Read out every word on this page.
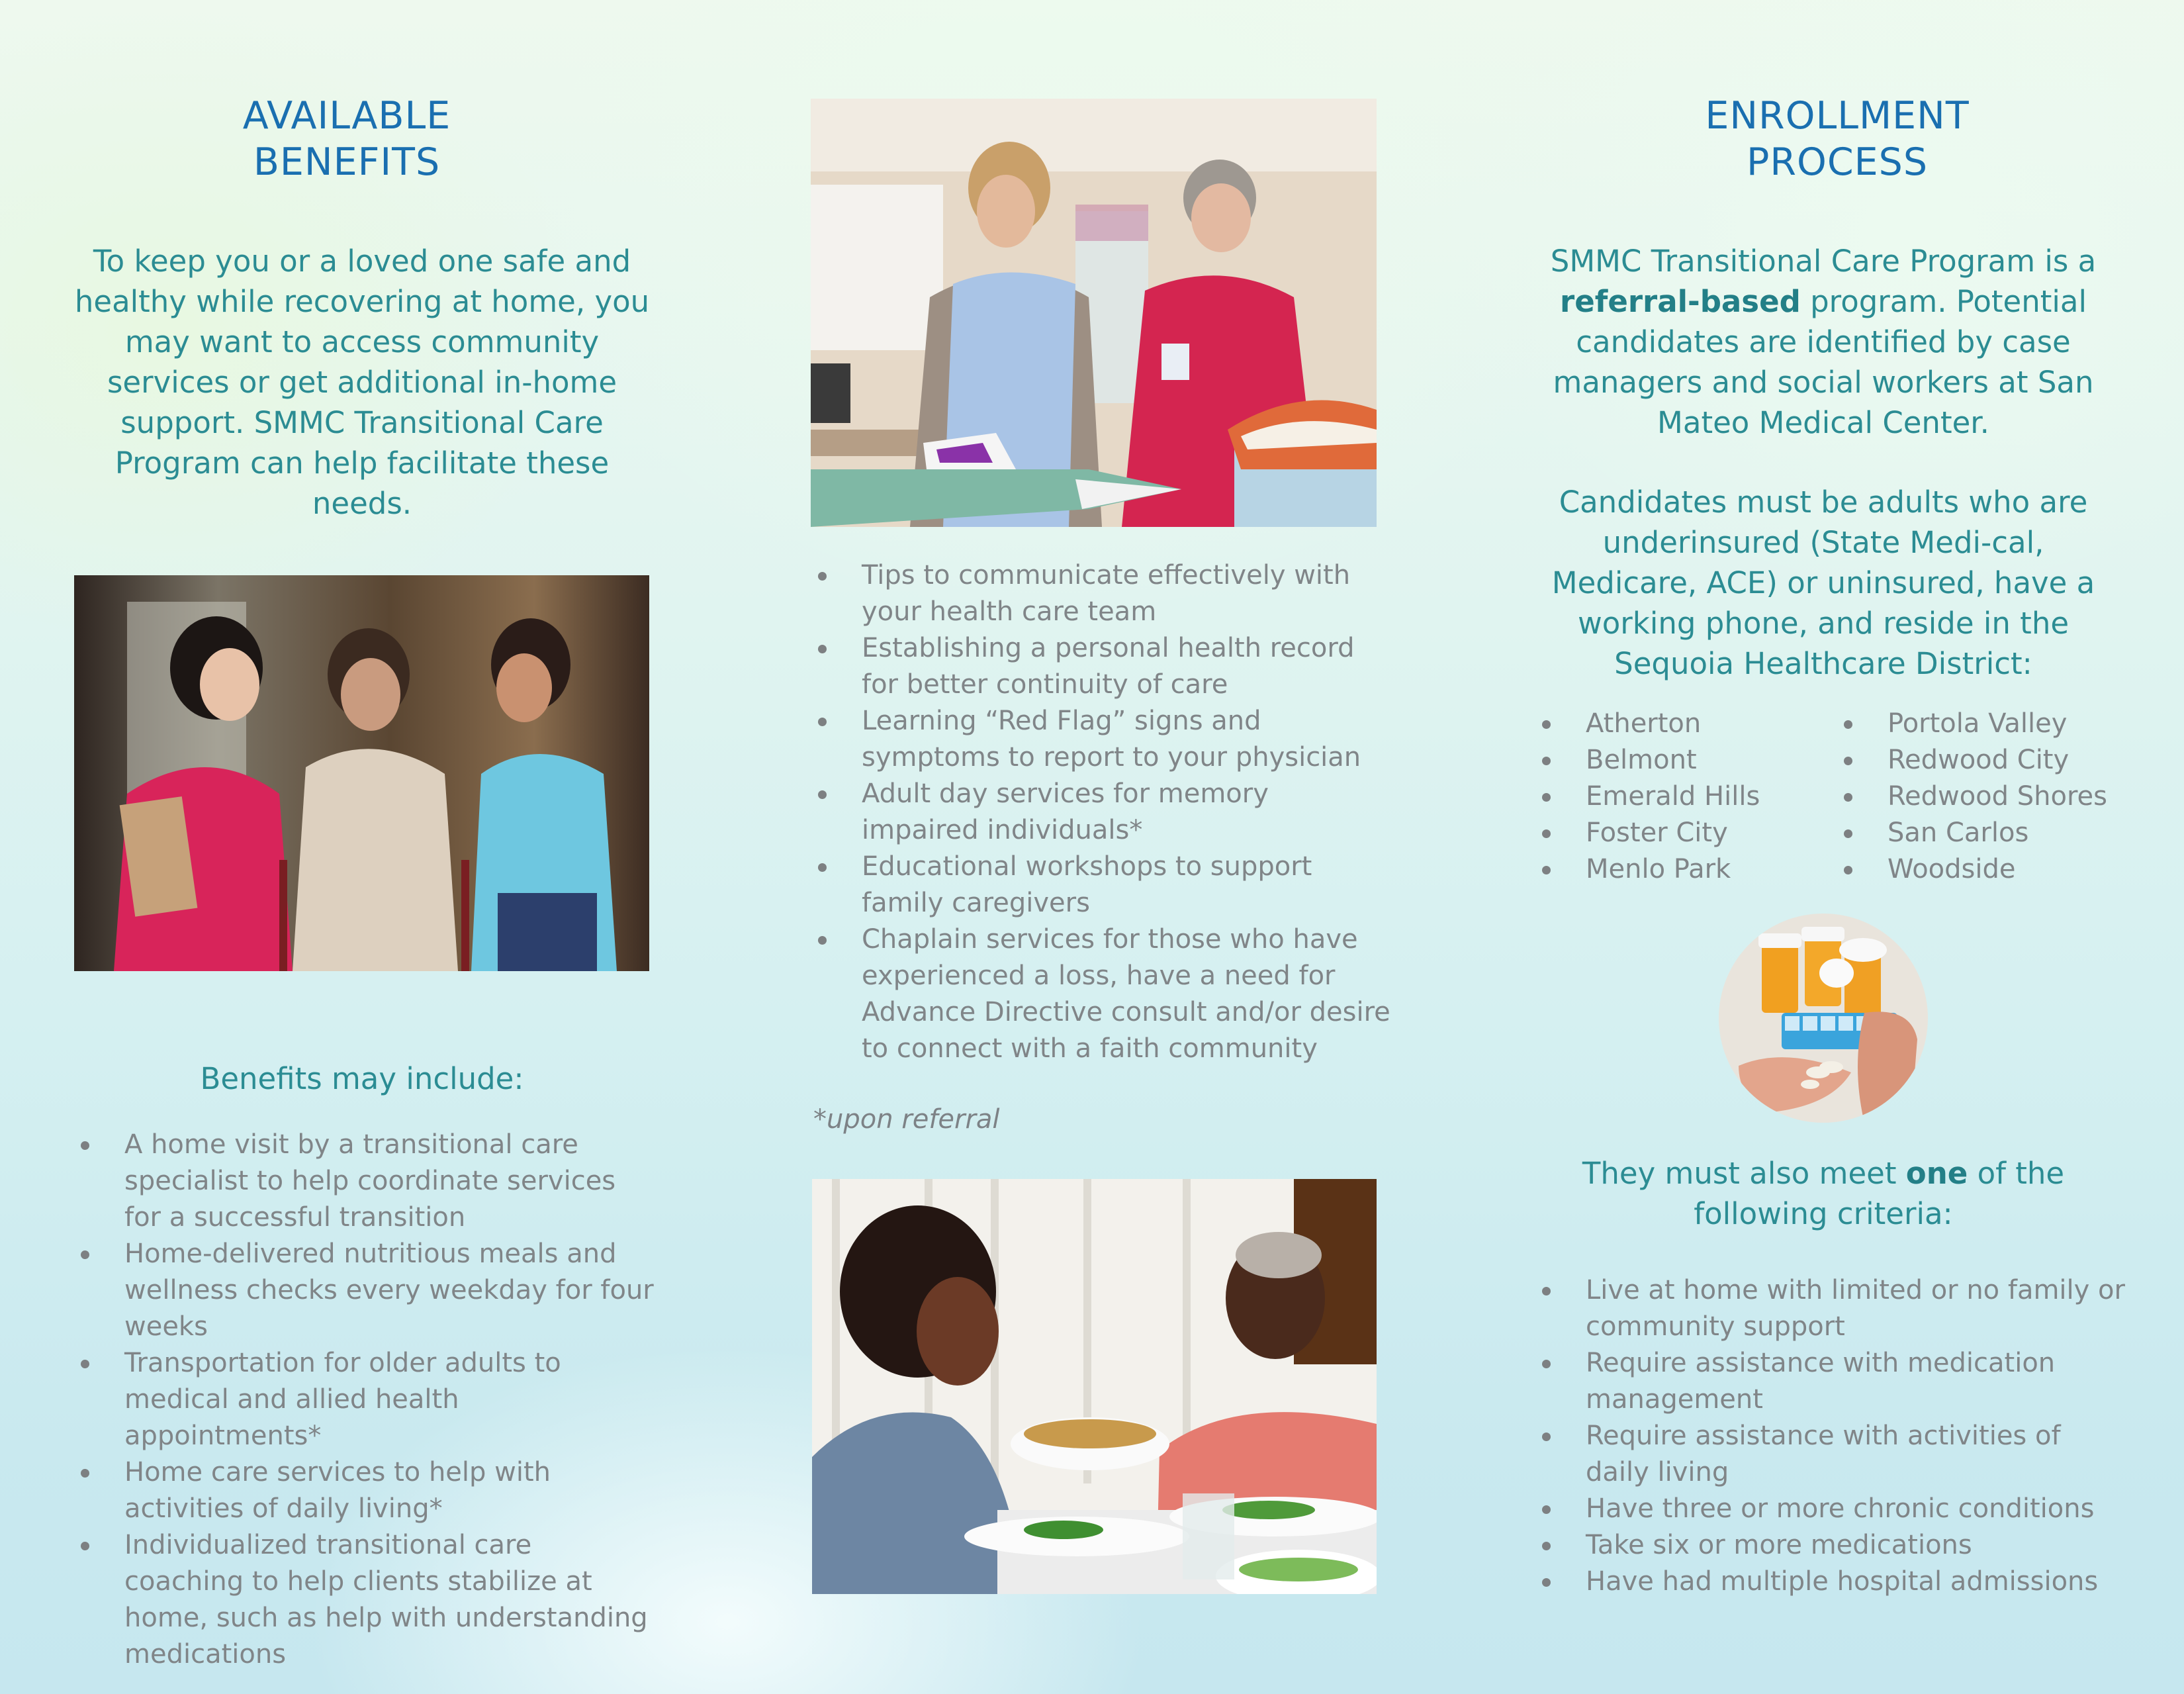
AVAILABLE
BENEFITS
To keep you or a loved one safe and healthy while recovering at home, you may want to access community services or get additional in-home support. SMMC Transitional Care Program can help facilitate these needs.
Benefits may include:
A home visit by a transitional care specialist to help coordinate services for a successful transition
Home-delivered nutritious meals and wellness checks every weekday for four weeks
Transportation for older adults to medical and allied health appointments*
Home care services to help with activities of daily living*
Individualized transitional care coaching to help clients stabilize at home, such as help with understanding medications
Tips to communicate effectively with your health care team
Establishing a personal health record for better continuity of care
Learning “Red Flag” signs and symptoms to report to your physician
Adult day services for memory impaired individuals*
Educational workshops to support family caregivers
Chaplain services for those who have experienced a loss, have a need for Advance Directive consult and/or desire to connect with a faith community
*upon referral
ENROLLMENT
PROCESS
SMMC Transitional Care Program is a referral-based program. Potential candidates are identified by case managers and social workers at San Mateo Medical Center.
Candidates must be adults who are underinsured (State Medi-cal, Medicare, ACE) or uninsured, have a working phone, and reside in the Sequoia Healthcare District:
Atherton
Belmont
Emerald Hills
Foster City
Menlo Park
Portola Valley
Redwood City
Redwood Shores
San Carlos
Woodside
They must also meet one of the following criteria:
Live at home with limited or no family or community support
Require assistance with medication management
Require assistance with activities of daily living
Have three or more chronic conditions
Take six or more medications
Have had multiple hospital admissions
